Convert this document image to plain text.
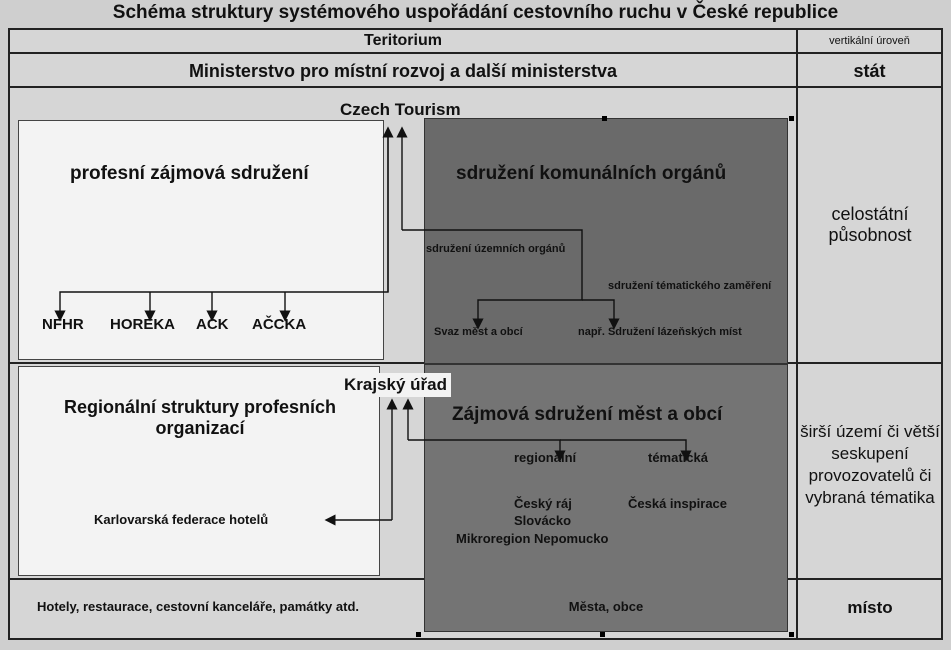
Schéma struktury systémového uspořádání cestovního ruchu v České republice
Teritorium	vertikální úroveň
Ministerstvo pro místní rozvoj a další ministerstva	stát
Czech Tourism
profesní zájmová sdružení
NFHR HOREKA ACK AČCKA
sdružení komunálních orgánů
sdružení územních orgánů
sdružení tématického zaměření
Svaz měst a obcí	např. Sdružení lázeňských míst
celostátní působnost
Krajský úřad
Regionální struktury profesních organizací
Karlovarská federace hotelů
Zájmová sdružení měst a obcí
regionální	tématická
Český ráj
Slovácko
Česká inspirace
Mikroregion Nepomucko
širší území či větší seskupení provozovatelů či vybraná tématika
Hotely, restaurace, cestovní kanceláře, památky atd.	Města, obce	místo
